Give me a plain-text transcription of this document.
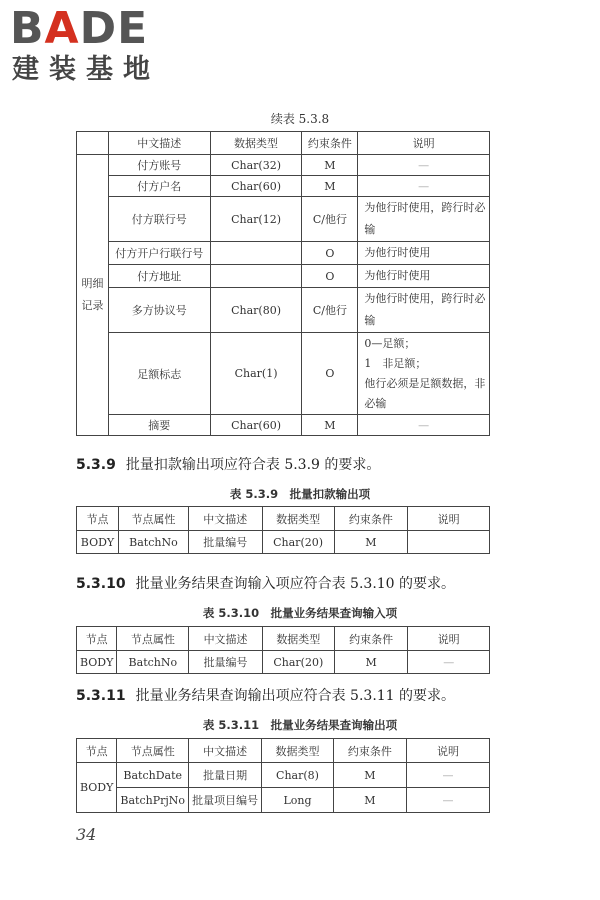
BADE
建装基地
续表 5.3.8
	中文描述	数据类型	约束条件	说明
明细记录	付方账号	Char(32)	M	—
	付方户名	Char(60)	M	—
	付方联行号	Char(12)	C/他行	为他行时使用，跨行时必输
	付方开户行联行号		O	为他行时使用
	付方地址		O	为他行时使用
	多方协议号	Char(80)	C/他行	为他行时使用，跨行时必输
	足额标志	Char(1)	O	0—足额；
1　非足额；
他行必须是足额数据，非必输

	摘要	Char(60)	M	—
5.3.9 批量扣款输出项应符合表 5.3.9 的要求。
表 5.3.9　批量扣款输出项
节点	节点属性	中文描述	数据类型	约束条件	说明
BODY	BatchNo	批量编号	Char(20)	M	
5.3.10 批量业务结果查询输入项应符合表 5.3.10 的要求。
表 5.3.10　批量业务结果查询输入项
节点	节点属性	中文描述	数据类型	约束条件	说明
BODY	BatchNo	批量编号	Char(20)	M	—
5.3.11 批量业务结果查询输出项应符合表 5.3.11 的要求。
表 5.3.11　批量业务结果查询输出项
节点	节点属性	中文描述	数据类型	约束条件	说明
BODY	BatchDate	批量日期	Char(8)	M	—
	BatchPrjNo	批量项目编号	Long	M	—
34
